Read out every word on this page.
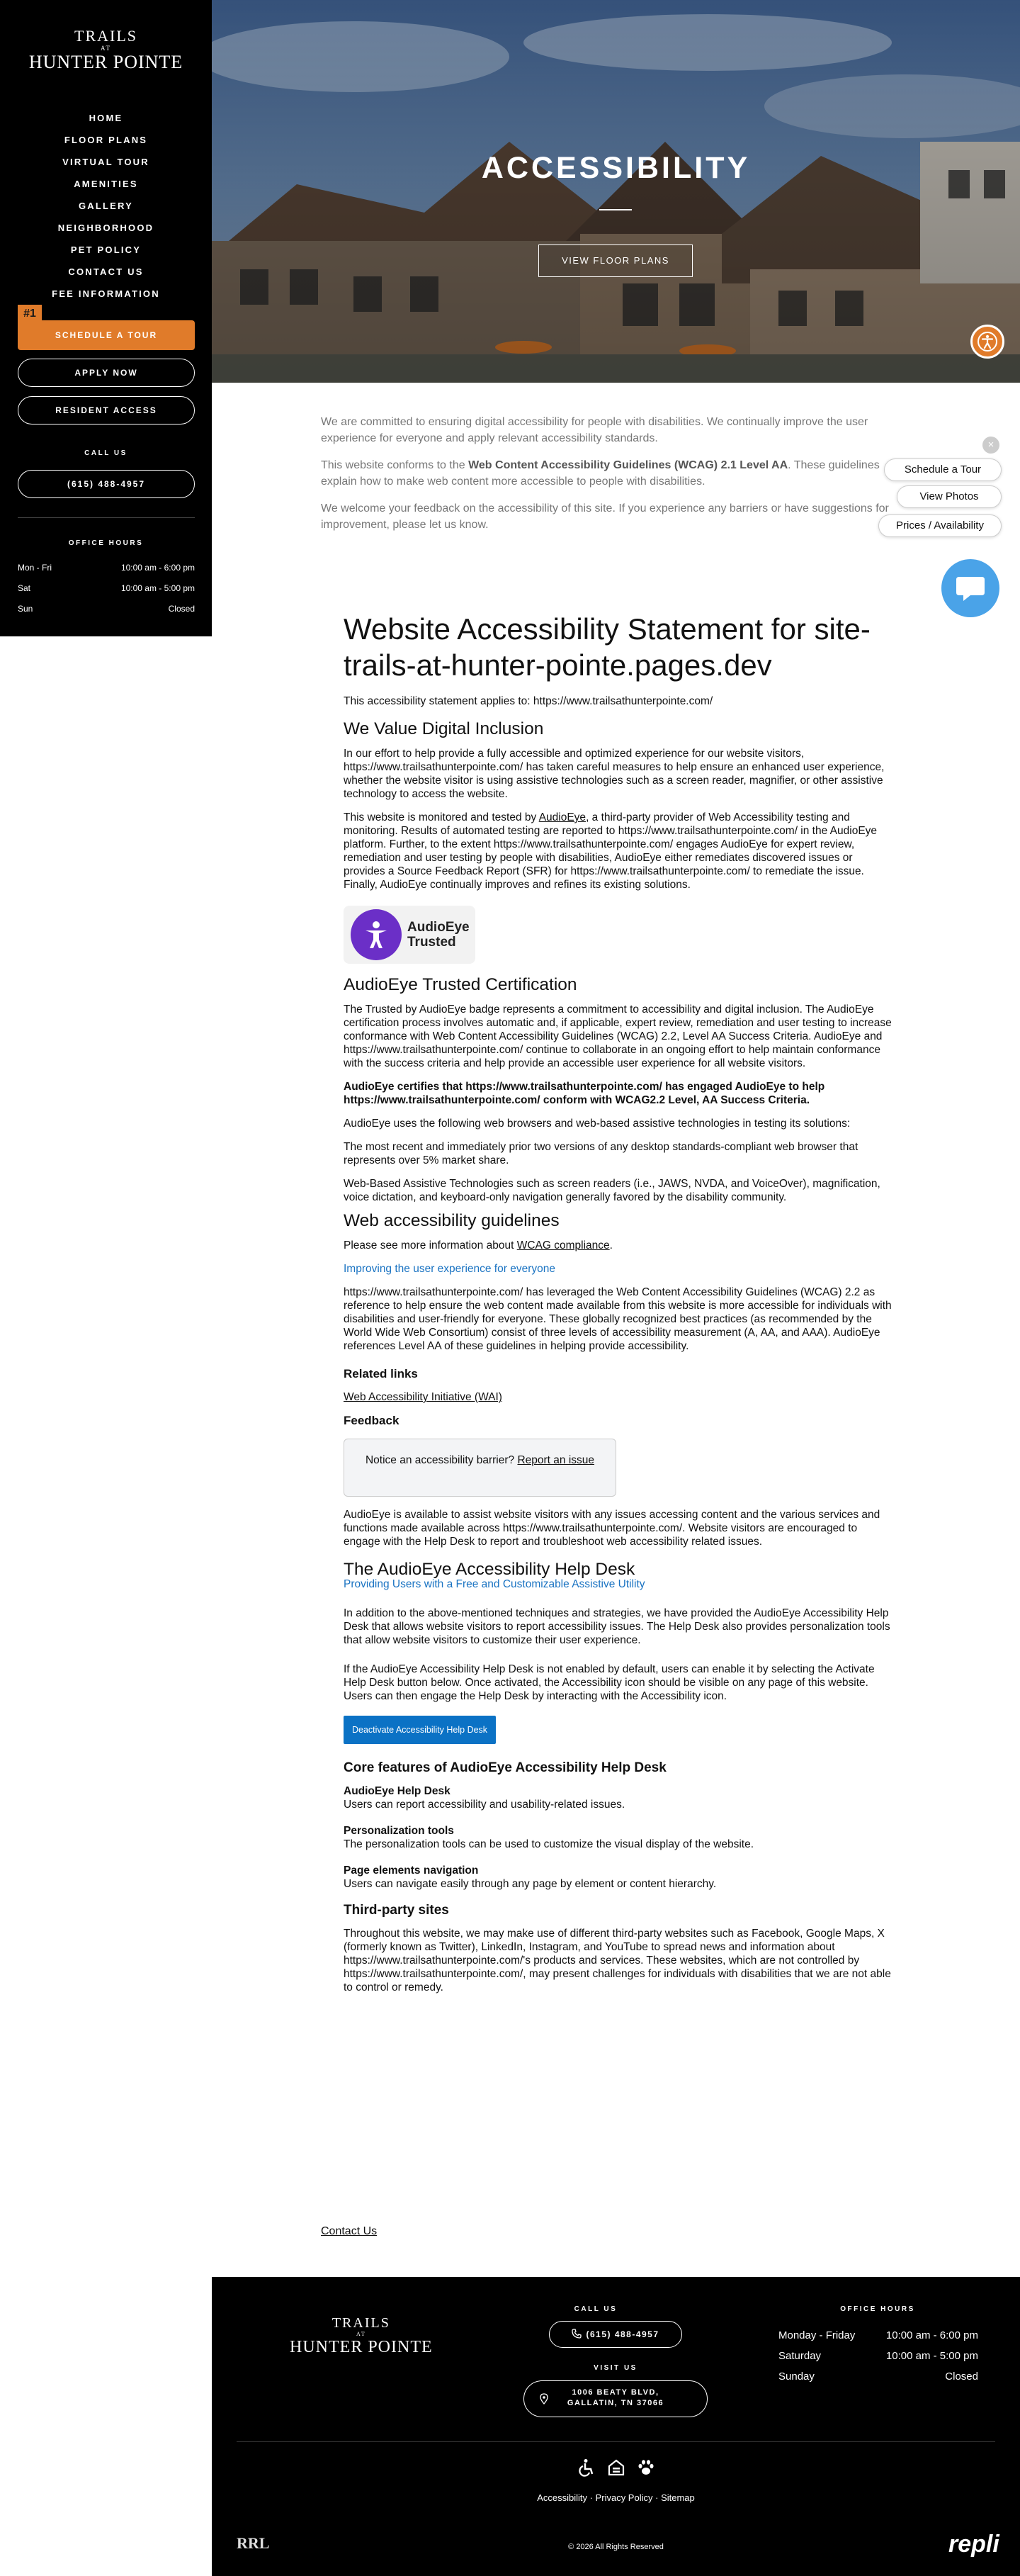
TRAILS
AT
HUNTER POINTE
HOME
FLOOR PLANS
VIRTUAL TOUR
AMENITIES
GALLERY
NEIGHBORHOOD
PET POLICY
CONTACT US
FEE INFORMATION
SCHEDULE A TOUR
#1
APPLY NOW
RESIDENT ACCESS
CALL US
(615) 488-4957
OFFICE HOURS
Mon - Fri	10:00 am - 6:00 pm
Sat	10:00 am - 5:00 pm
Sun	Closed
ACCESSIBILITY
VIEW FLOOR PLANS

We are committed to ensuring digital accessibility for people with disabilities. We continually improve the user experience for everyone and apply relevant accessibility standards.

This website conforms to the Web Content Accessibility Guidelines (WCAG) 2.1 Level AA. These guidelines explain how to make web content more accessible to people with disabilities.

We welcome your feedback on the accessibility of this site. If you experience any barriers or have suggestions for improvement, please let us know.

×
Schedule a Tour
View Photos
Prices / Availability
Website Accessibility Statement for site-trails-at-hunter-pointe.pages.dev

This accessibility statement applies to: https://www.trailsathunterpointe.com/

We Value Digital Inclusion

In our effort to help provide a fully accessible and optimized experience for our website visitors, https://www.trailsathunterpointe.com/ has taken careful measures to help ensure an enhanced user experience, whether the website visitor is using assistive technologies such as a screen reader, magnifier, or other assistive technology to access the website.

This website is monitored and tested by AudioEye, a third-party provider of Web Accessibility testing and monitoring. Results of automated testing are reported to https://www.trailsathunterpointe.com/ in the AudioEye platform. Further, to the extent https://www.trailsathunterpointe.com/ engages AudioEye for expert review, remediation and user testing by people with disabilities, AudioEye either remediates discovered issues or provides a Source Feedback Report (SFR) for https://www.trailsathunterpointe.com/ to remediate the issue. Finally, AudioEye continually improves and refines its existing solutions.

AudioEye
Trusted
AudioEye Trusted Certification

The Trusted by AudioEye badge represents a commitment to accessibility and digital inclusion. The AudioEye certification process involves automatic and, if applicable, expert review, remediation and user testing to increase conformance with Web Content Accessibility Guidelines (WCAG) 2.2, Level AA Success Criteria. AudioEye and https://www.trailsathunterpointe.com/ continue to collaborate in an ongoing effort to help maintain conformance with the success criteria and help provide an accessible user experience for all website visitors.

AudioEye certifies that https://www.trailsathunterpointe.com/ has engaged AudioEye to help https://www.trailsathunterpointe.com/ conform with WCAG2.2 Level, AA Success Criteria.

AudioEye uses the following web browsers and web-based assistive technologies in testing its solutions:

The most recent and immediately prior two versions of any desktop standards-compliant web browser that represents over 5% market share.

Web-Based Assistive Technologies such as screen readers (i.e., JAWS, NVDA, and VoiceOver), magnification, voice dictation, and keyboard-only navigation generally favored by the disability community.

Web accessibility guidelines

Please see more information about WCAG compliance.

Improving the user experience for everyone

https://www.trailsathunterpointe.com/ has leveraged the Web Content Accessibility Guidelines (WCAG) 2.2 as reference to help ensure the web content made available from this website is more accessible for individuals with disabilities and user-friendly for everyone. These globally recognized best practices (as recommended by the World Wide Web Consortium) consist of three levels of accessibility measurement (A, AA, and AAA). AudioEye references Level AA of these guidelines in helping provide accessibility.

Related links

Web Accessibility Initiative (WAI)

Feedback
Notice an accessibility barrier? Report an issue

AudioEye is available to assist website visitors with any issues accessing content and the various services and functions made available across https://www.trailsathunterpointe.com/. Website visitors are encouraged to engage with the Help Desk to report and troubleshoot web accessibility related issues.

The AudioEye Accessibility Help Desk

Providing Users with a Free and Customizable Assistive Utility

In addition to the above-mentioned techniques and strategies, we have provided the AudioEye Accessibility Help Desk that allows website visitors to report accessibility issues. The Help Desk also provides personalization tools that allow website visitors to customize their user experience.

If the AudioEye Accessibility Help Desk is not enabled by default, users can enable it by selecting the Activate Help Desk button below. Once activated, the Accessibility icon should be visible on any page of this website. Users can then engage the Help Desk by interacting with the Accessibility icon.

Deactivate Accessibility Help Desk
Core features of AudioEye Accessibility Help Desk

AudioEye Help Desk
Users can report accessibility and usability-related issues.

Personalization tools
The personalization tools can be used to customize the visual display of the website.

Page elements navigation
Users can navigate easily through any page by element or content hierarchy.

Third-party sites

Throughout this website, we may make use of different third-party websites such as Facebook, Google Maps, X (formerly known as Twitter), LinkedIn, Instagram, and YouTube to spread news and information about https://www.trailsathunterpointe.com/'s products and services. These websites, which are not controlled by https://www.trailsathunterpointe.com/, may present challenges for individuals with disabilities that we are not able to control or remedy.

Contact Us
TRAILS
AT
HUNTER POINTE
CALL US
(615) 488-4957
VISIT US
1006 BEATY BLVD,
GALLATIN, TN 37066
OFFICE HOURS
Monday - Friday	10:00 am - 6:00 pm
Saturday	10:00 am - 5:00 pm
Sunday	Closed
Accessibility · Privacy Policy · Sitemap
RRL	© 2026 All Rights Reserved	repli
